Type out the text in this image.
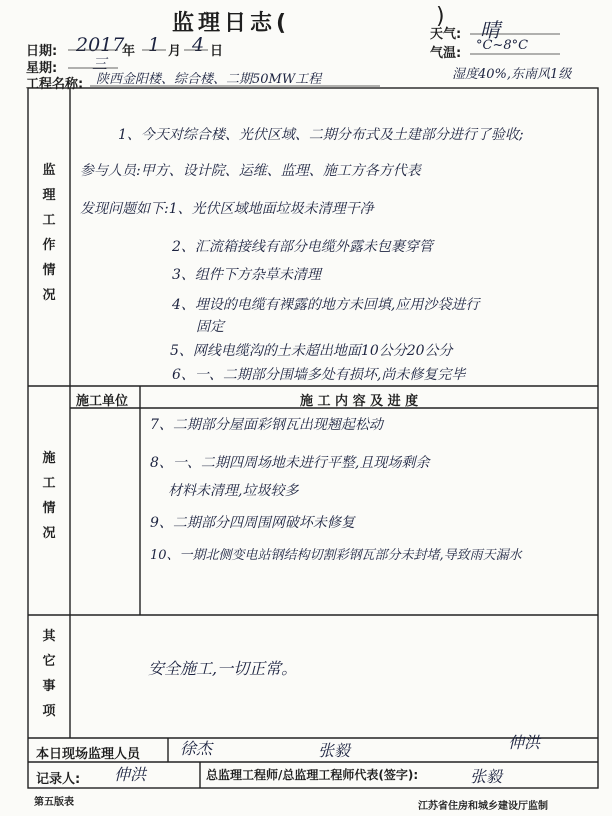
监理日志(	)
日期: 2017
年 1 月 4 日
星期: 三
工程名称: 陕西金阳楼、综合楼、二期50MW工程
天气: 晴
气温:
°C~8°C
湿度40%,东南风1级
监
理
工
作
情
况
1、今天对综合楼、光伏区域、二期分布式及土建部分进行了验收;
参与人员:甲方、设计院、运维、监理、施工方各方代表
发现问题如下:1、光伏区域地面垃圾未清理干净
2、汇流箱接线有部分电缆外露未包裹穿管
3、组件下方杂草未清理
4、埋设的电缆有裸露的地方未回填,应用沙袋进行
固定
5、网线电缆沟的土未超出地面10公分20公分
6、一、二期部分围墙多处有损坏,尚未修复完毕
施
工
情
况
施工单位	施 工 内 容 及 进 度
7、二期部分屋面彩钢瓦出现翘起松动
8、一、二期四周场地未进行平整,且现场剩余
材料未清理,垃圾较多
9、二期部分四周围网破坏未修复
10、一期北侧变电站钢结构切割彩钢瓦部分未封堵,导致雨天漏水
其
它
事
项
安全施工,一切正常。
本日现场监理人员 徐杰	张毅	伸洪
记录人: 伸洪	总监理工程师/总监理工程师代表(签字):	张毅
第五版表	江苏省住房和城乡建设厅监制
